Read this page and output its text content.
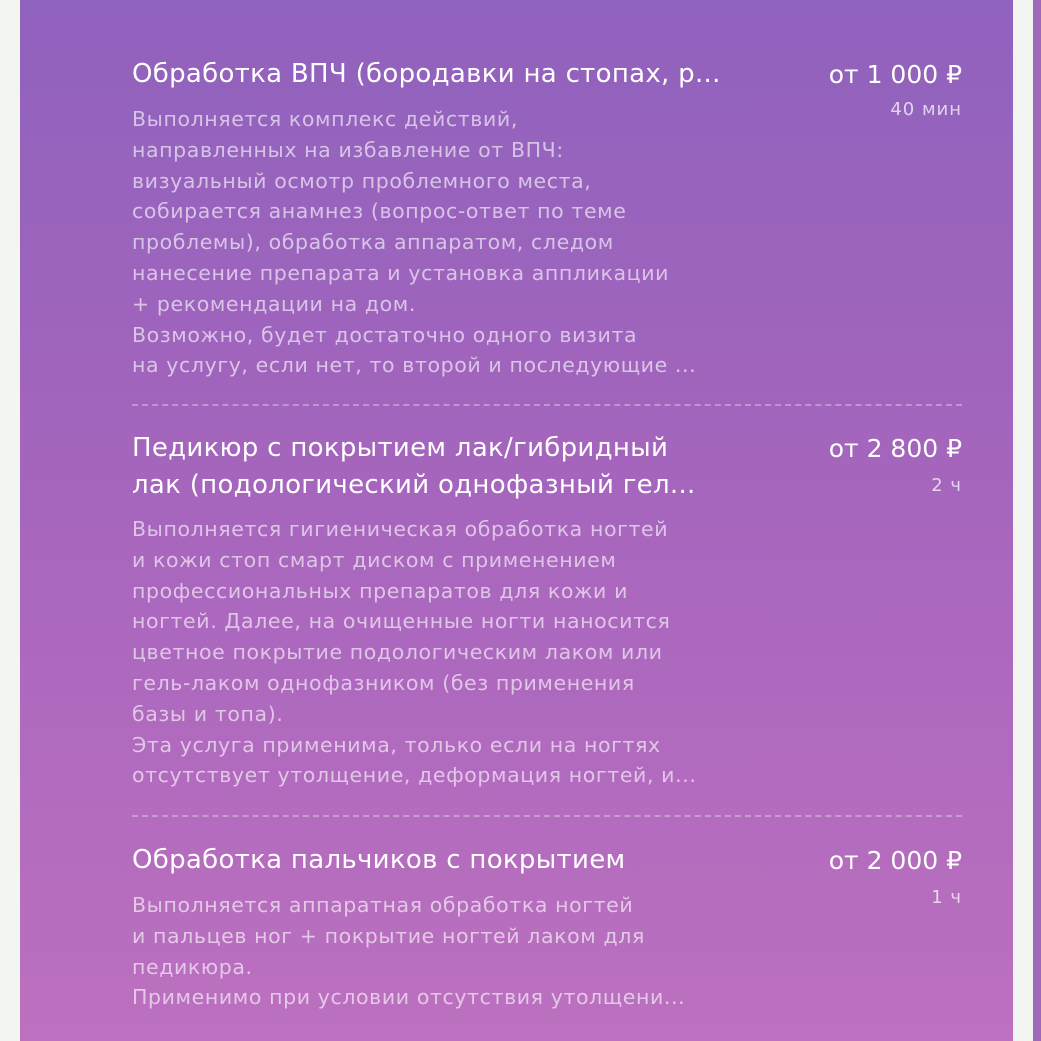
Обработка ВПЧ (бородавки на стопах, р...	от 1 000 ₽
40 мин
Выполняется комплекс действий,
направленных на избавление от ВПЧ:
визуальный осмотр проблемного места,
собирается анамнез (вопрос-ответ по теме
проблемы), обработка аппаратом, следом
нанесение препарата и установка аппликации
+ рекомендации на дом.
Возможно, будет достаточно одного визита
на услугу, если нет, то второй и последующие ...
Педикюр с покрытием лак/гибридный
лак (подологический однофазный гел...
от 2 800 ₽
2 ч
Выполняется гигиеническая обработка ногтей
и кожи стоп смарт диском с применением
профессиональных препаратов для кожи и
ногтей. Далее, на очищенные ногти наносится
цветное покрытие подологическим лаком или
гель-лаком однофазником (без применения
базы и топа).
Эта услуга применима, только если на ногтях
отсутствует утолщение, деформация ногтей, и...
Обработка пальчиков с покрытием	от 2 000 ₽
1 ч
Выполняется аппаратная обработка ногтей
и пальцев ног + покрытие ногтей лаком для
педикюра.
Применимо при условии отсутствия утолщени...
